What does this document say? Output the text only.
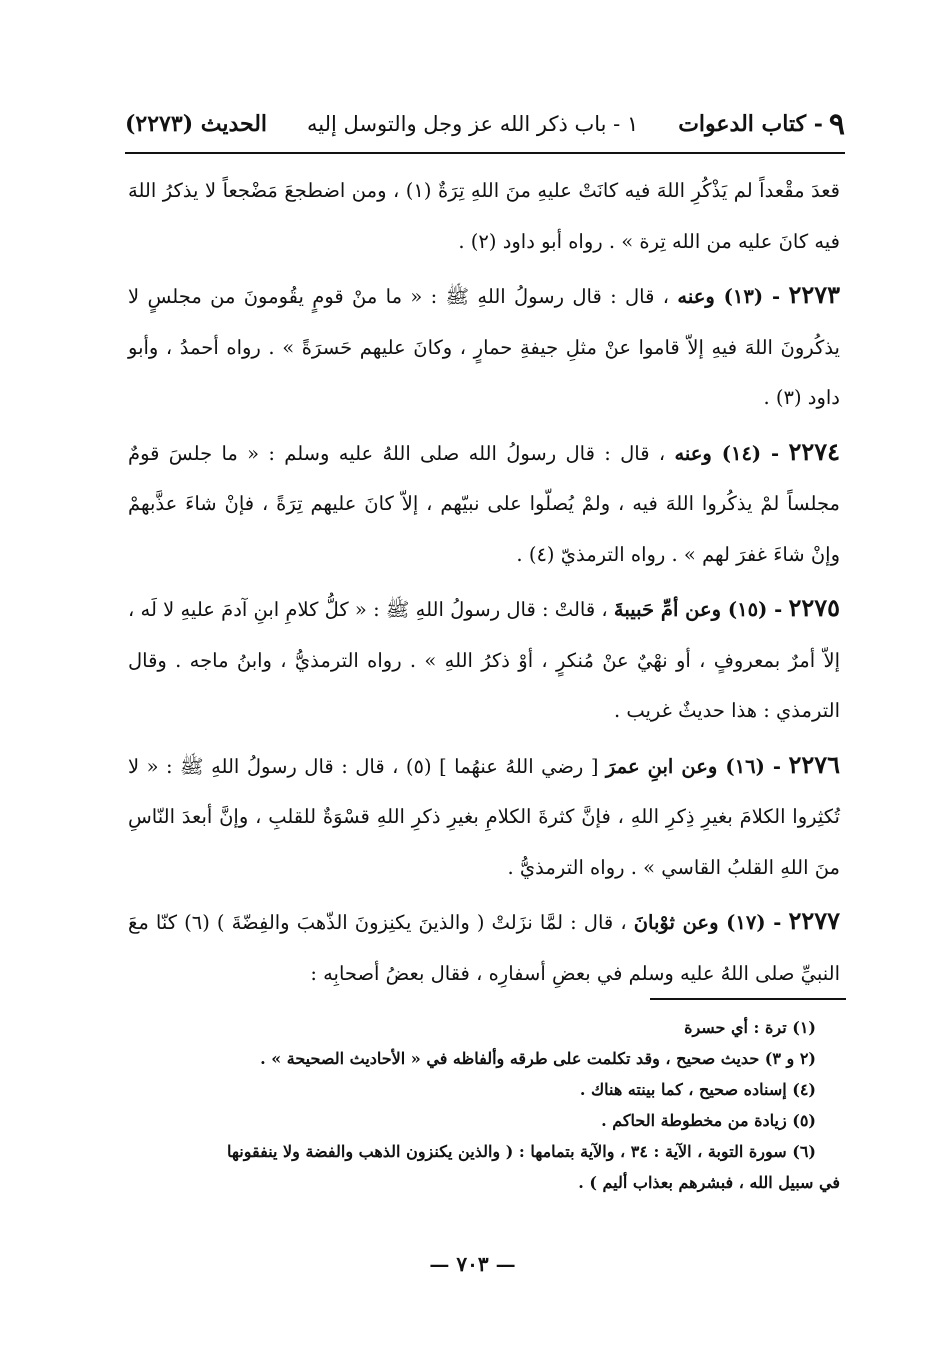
٩
- كتاب الدعوات
١ - باب ذكر الله عز وجل والتوسل إليه
الحديث (٢٢٧٣)

قعدَ مقْعداً لم يَذْكُرِ اللهَ فيه كانَتْ عليهِ منَ اللهِ تِرَةٌ (١) ، ومن اضطجعَ مَضْجعاً لا يذكرُ اللهَ فيه كانَ عليه من الله تِرة » . رواه أبو داود (٢) .

٢٢٧٣ - (١٣) وعنه ، قال : قال رسولُ اللهِ ﷺ : « ما منْ قومٍ يقُومونَ من مجلسٍ لا يذكُرونَ اللهَ فيهِ إلاّ قاموا عنْ مثلِ جيفةِ حمارٍ ، وكانَ عليهم حَسرَةً » . رواه أحمدُ ، وأبو داود (٣) .

٢٢٧٤ - (١٤) وعنه ، قال : قال رسولُ الله صلى اللهُ عليه وسلم : « ما جلسَ قومٌ مجلساً لمْ يذكُروا اللهَ فيه ، ولمْ يُصلّوا على نبيّهم ، إلاّ كانَ عليهم تِرَةً ، فإنْ شاءَ عذَّبهمْ وإنْ شاءَ غفرَ لهم » . رواه الترمذيّ (٤) .

٢٢٧٥ - (١٥) وعن أمِّ حَبيبةَ ، قالتْ : قال رسولُ اللهِ ﷺ : « كلُّ كلامِ ابنِ آدمَ عليهِ لا لَه ، إلاّ أمرٌ بمعروفٍ ، أو نهْيٌ عنْ مُنكرٍ ، أوْ ذكرُ اللهِ » . رواه الترمذيُّ ، وابنُ ماجه . وقال الترمذي : هذا حديثٌ غريب .

٢٢٧٦ - (١٦) وعن ابنِ عمرَ [ رضي اللهُ عنهُما ] (٥) ، قال : قال رسولُ اللهِ ﷺ : « لا تُكثِروا الكلامَ بغيرِ ذِكرِ اللهِ ، فإنَّ كثرةَ الكلامِ بغيرِ ذكرِ اللهِ قسْوَةٌ للقلبِ ، وإنَّ أبعدَ النّاسِ منَ اللهِ القلبُ القاسي » . رواه الترمذيُّ .

٢٢٧٧ - (١٧) وعن ثوْبانَ ، قال : لمَّا نزَلتْ ( والذينَ يكنِزونَ الذّهبَ والفِضّةَ ) (٦) كنّا معَ النبيِّ صلى اللهُ عليه وسلم في بعضِ أسفارِه ، فقال بعضُ أصحابِه :

(١) ترة : أي حسرة

(٢ و ٣) حديث صحيح ، وقد تكلمت على طرقه وألفاظه في « الأحاديث الصحيحة » .

(٤) إسناده صحيح ، كما بينته هناك .

(٥) زيادة من مخطوطة الحاكم .

(٦) سورة التوبة ، الآية : ٣٤ ، والآية بتمامها : ( والذين يكنزون الذهب والفضة ولا ينفقونها

في سبيل الله ، فبشرهم بعذاب أليم ) .

— ٧٠٣ —
